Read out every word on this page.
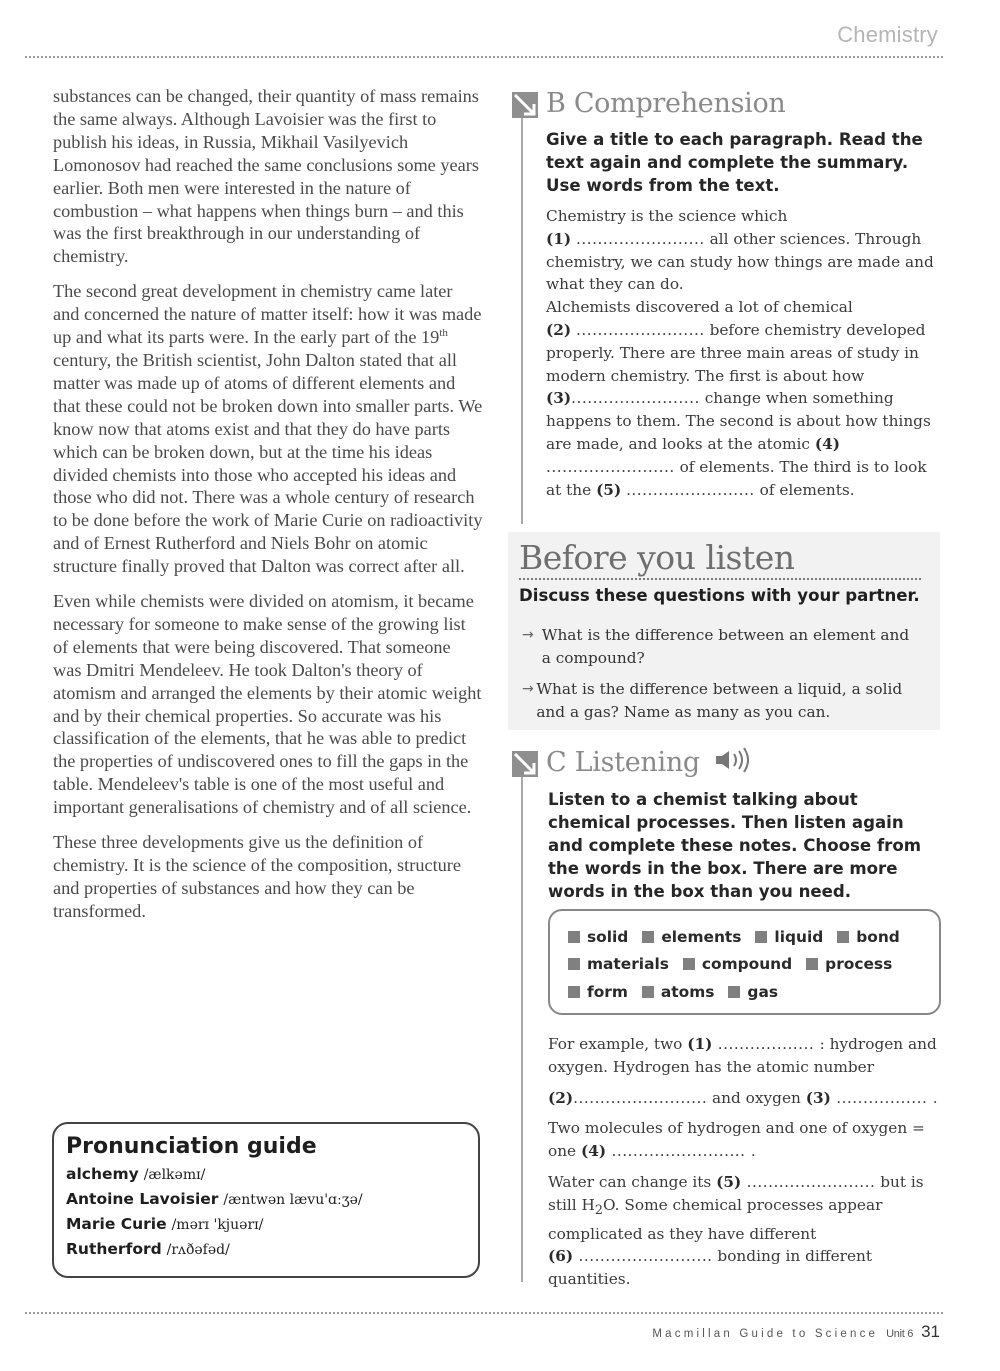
Chemistry

substances can be changed, their quantity of mass remains the same always. Although Lavoisier was the first to publish his ideas, in Russia, Mikhail Vasilyevich Lomonosov had reached the same conclusions some years earlier. Both men were interested in the nature of combustion – what happens when things burn – and this was the first breakthrough in our understanding of chemistry.

The second great development in chemistry came later and concerned the nature of matter itself: how it was made up and what its parts were. In the early part of the 19th century, the British scientist, John Dalton stated that all matter was made up of atoms of different elements and that these could not be broken down into smaller parts. We know now that atoms exist and that they do have parts which can be broken down, but at the time his ideas divided chemists into those who accepted his ideas and those who did not. There was a whole century of research to be done before the work of Marie Curie on radioactivity and of Ernest Rutherford and Niels Bohr on atomic structure finally proved that Dalton was correct after all.

Even while chemists were divided on atomism, it became necessary for someone to make sense of the growing list of elements that were being discovered. That someone was Dmitri Mendeleev. He took Dalton's theory of atomism and arranged the elements by their atomic weight and by their chemical properties. So accurate was his classification of the elements, that he was able to predict the properties of undiscovered ones to fill the gaps in the table. Mendeleev's table is one of the most useful and important generalisations of chemistry and of all science.

These three developments give us the definition of chemistry. It is the science of the composition, structure and properties of substances and how they can be transformed.

Pronunciation guide
alchemy /ælkəmɪ/
Antoine Lavoisier /æntwən lævu'ɑːʒə/
Marie Curie /mərɪ 'kjuərɪ/
Rutherford /rʌðəfəd/
B Comprehension
Give a title to each paragraph. Read the text again and complete the summary. Use words from the text.
Chemistry is the science which
(1) ........................ all other sciences. Through chemistry, we can study how things are made and what they can do.
Alchemists discovered a lot of chemical
(2) ........................ before chemistry developed properly. There are three main areas of study in modern chemistry. The first is about how (3)........................ change when something happens to them. The second is about how things are made, and looks at the atomic (4) ........................ of elements. The third is to look at the (5) ........................ of elements.
Before you listen
Discuss these questions with your partner.
→ What is the difference between an element and a compound?
→ What is the difference between a liquid, a solid and a gas? Name as many as you can.
C Listening
Listen to a chemist talking about chemical processes. Then listen again and complete these notes. Choose from the words in the box. There are more words in the box than you need.
solid elements liquid bond
materials compound process
form atoms gas
For example, two (1) .................. : hydrogen and oxygen. Hydrogen has the atomic number
(2)......................... and oxygen (3) ................. .
Two molecules of hydrogen and one of oxygen = one (4) ......................... .
Water can change its (5) ........................ but is still $H_2O$. Some chemical processes appear complicated as they have different
(6) ......................... bonding in different quantities.
Macmillan Guide to Science Unit 6 31
